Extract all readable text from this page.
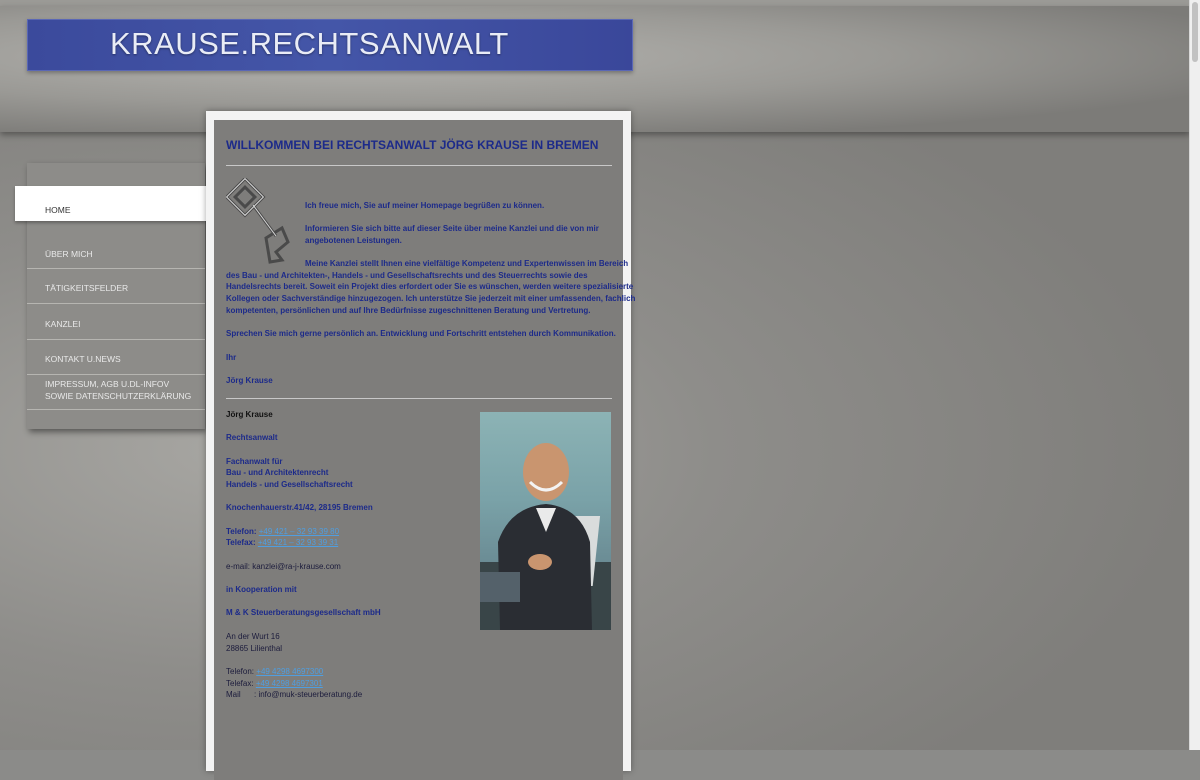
KRAUSE.RECHTSANWALT
ÜBER MICH
TÄTIGKEITSFELDER
KANZLEI
KONTAKT U.NEWS
IMPRESSUM, AGB U.DL-INFOV SOWIE DATENSCHUTZERKLÄRUNG
HOME
WILLKOMMEN BEI RECHTSANWALT JÖRG KRAUSE IN BREMEN
Ich freue mich, Sie auf meiner Homepage begrüßen zu können.
Informieren Sie sich bitte auf dieser Seite über meine Kanzlei und die von mir
angebotenen Leistungen.
Meine Kanzlei stellt Ihnen eine vielfältige Kompetenz und Expertenwissen im Bereich
des Bau - und Architekten-, Handels - und Gesellschaftsrechts und des Steuerrechts sowie des
Handelsrechts bereit. Soweit ein Projekt dies erfordert oder Sie es wünschen, werden weitere spezialisierte
Kollegen oder Sachverständige hinzugezogen. Ich unterstütze Sie jederzeit mit einer umfassenden, fachlich
kompetenten, persönlichen und auf Ihre Bedürfnisse zugeschnittenen Beratung und Vertretung.
Sprechen Sie mich gerne persönlich an. Entwicklung und Fortschritt entstehen durch Kommunikation.
Ihr
Jörg Krause
Jörg Krause
Rechtsanwalt
Fachanwalt für
Bau - und Architektenrecht
Handels - und Gesellschaftsrecht
Knochenhauerstr.41/42, 28195 Bremen
Telefon: +49 421 – 32 93 39 80
Telefax: +49 421 – 32 93 39 31
e-mail: kanzlei@ra-j-krause.com
in Kooperation mit
M & K Steuerberatungsgesellschaft mbH
An der Wurt 16
28865 Lilienthal
Telefon: +49 4298 4697300
Telefax: +49 4298 4697301
Mail      : info@muk-steuerberatung.de
